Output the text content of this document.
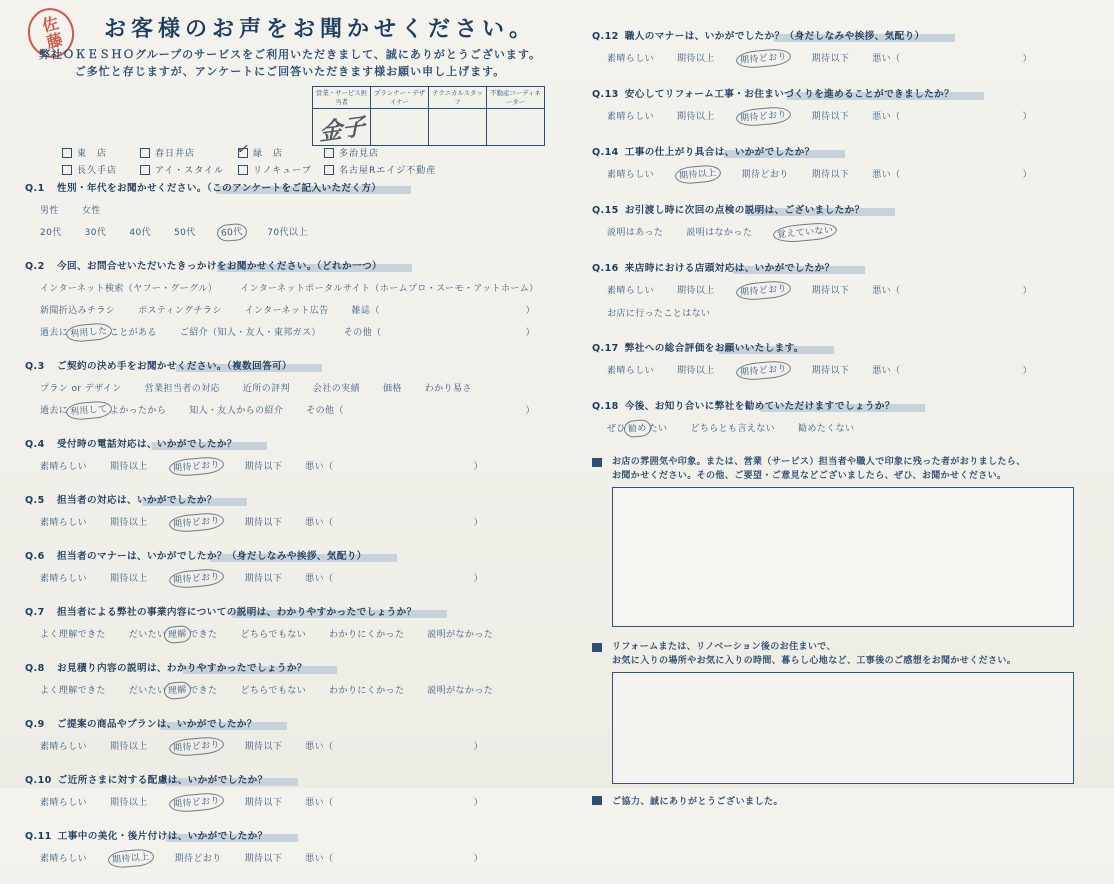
佐藤	お客様のお声をお聞かせください。
弊社ＯＫＥＳＨＯグループのサービスをご利用いただきまして、誠にありがとうございます。
ご多忙と存じますが、アンケートにご回答いただきます様お願い申し上げます。
営業・サービス担当者	プランナー・デザイナー	テクニカルスタッフ	不動産コーディネーター
金子			
東　店	春日井店	✓ 緑　店	多治見店
長久手店	アイ・スタイル	リノキューブ	名古屋Rエイジ不動産
Q.1 性別・年代をお聞かせください。（このアンケートをご記入いただく方）
男性	女性
20代	30代	40代	50代	60代	70代以上
Q.2 今回、お問合せいただいたきっかけをお聞かせください。（どれか一つ）
インターネット検索（ヤフー・グーグル）	インターネットポータルサイト（ホームプロ・スーモ・アットホーム）
新聞折込みチラシ	ポスティングチラシ	インターネット広告	雑誌（	）
過去に 利用した ことがある	ご紹介（知人・友人・東邦ガス）	その他（	）
Q.3 ご契約の決め手をお聞かせください。（複数回答可）
プラン or デザイン	営業担当者の対応	近所の評判	会社の実績	価格	わかり易さ
過去に 利用して よかったから	知人・友人からの紹介	その他（	）
Q.4 受付時の電話対応は、いかがでしたか？
素晴らしい	期待以上	期待どおり	期待以下	悪い（	）
Q.5 担当者の対応は、いかがでしたか？
素晴らしい	期待以上	期待どおり	期待以下	悪い（	）
Q.6 担当者のマナーは、いかがでしたか？（身だしなみや挨拶、気配り）
素晴らしい	期待以上	期待どおり	期待以下	悪い（	）
Q.7 担当者による弊社の事業内容についての説明は、わかりやすかったでしょうか？
よく理解できた	だいたい 理解 できた	どちらでもない	わかりにくかった	説明がなかった
Q.8 お見積り内容の説明は、わかりやすかったでしょうか？
よく理解できた	だいたい 理解 できた	どちらでもない	わかりにくかった	説明がなかった
Q.9 ご提案の商品やプランは、いかがでしたか？
素晴らしい	期待以上	期待どおり	期待以下	悪い（	）
Q.10 ご近所さまに対する配慮は、いかがでしたか？
素晴らしい	期待以上	期待どおり	期待以下	悪い（	）
Q.11 工事中の美化・後片付けは、いかがでしたか？
素晴らしい	期待以上	期待どおり	期待以下	悪い（	）
Q.12 職人のマナーは、いかがでしたか？（身だしなみや挨拶、気配り）
素晴らしい	期待以上	期待どおり	期待以下	悪い（	）
Q.13 安心してリフォーム工事・お住まいづくりを進めることができましたか？
素晴らしい	期待以上	期待どおり	期待以下	悪い（	）
Q.14 工事の仕上がり具合は、いかがでしたか？
素晴らしい	期待以上	期待どおり	期待以下	悪い（	）
Q.15 お引渡し時に次回の点検の説明は、ございましたか？
説明はあった	説明はなかった	覚えていない
Q.16 来店時における店頭対応は、いかがでしたか？
素晴らしい	期待以上	期待どおり	期待以下	悪い（	）
お店に行ったことはない
Q.17 弊社への総合評価をお願いいたします。
素晴らしい	期待以上	期待どおり	期待以下	悪い（	）
Q.18 今後、お知り合いに弊社を勧めていただけますでしょうか？
ぜひ 勧め たい	どちらとも言えない	勧めたくない
お店の雰囲気や印象。または、営業（サービス）担当者や職人で印象に残った者がおりましたら、
お聞かせください。その他、ご要望・ご意見などございましたら、ぜひ、お聞かせください。
リフォームまたは、リノベーション後のお住まいで、
お気に入りの場所やお気に入りの時間、暮らし心地など、工事後のご感想をお聞かせください。
ご協力、誠にありがとうございました。
